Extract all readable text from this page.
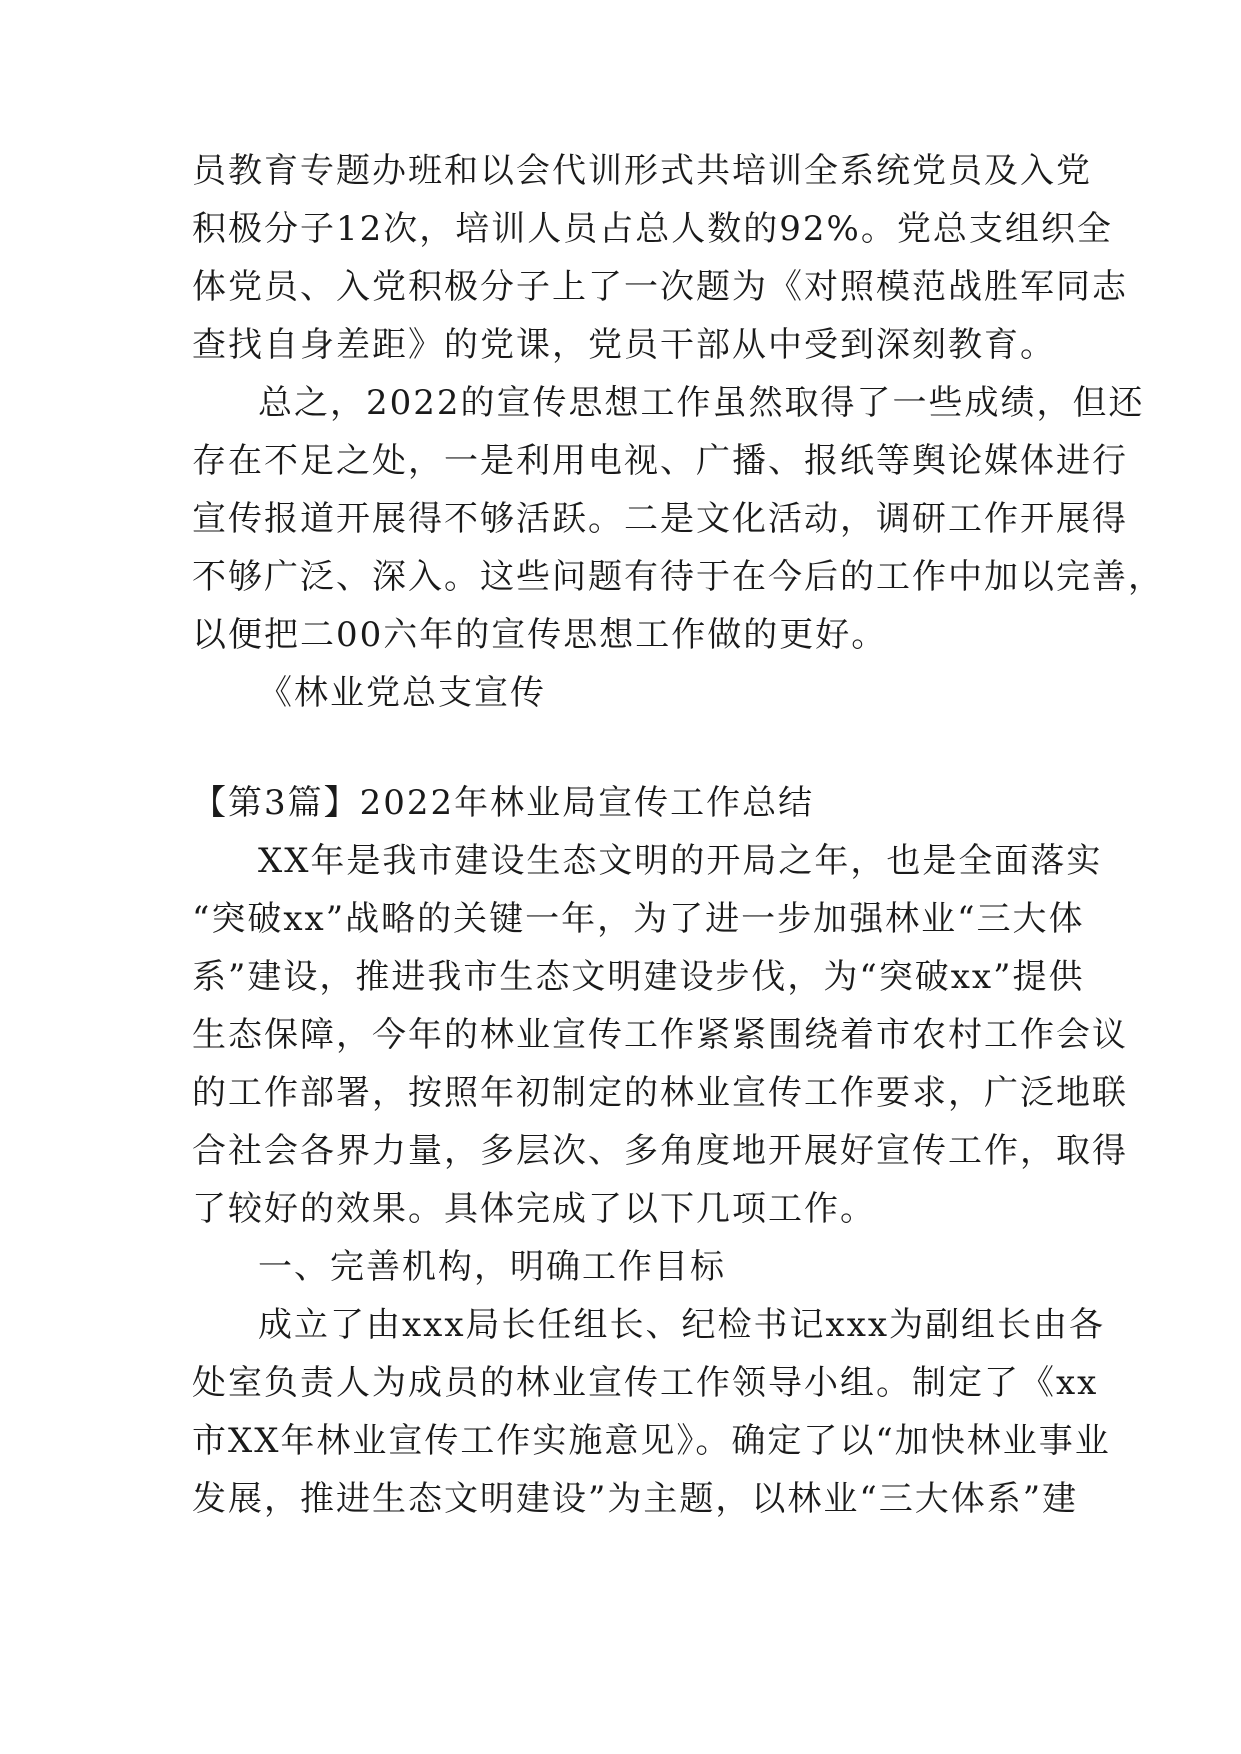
员教育专题办班和以会代训形式共培训全系统党员及入党
积极分子12次，培训人员占总人数的92%。党总支组织全
体党员、入党积极分子上了一次题为《对照模范战胜军同志
查找自身差距》的党课，党员干部从中受到深刻教育。
总之，2022的宣传思想工作虽然取得了一些成绩，但还
存在不足之处，一是利用电视、广播、报纸等舆论媒体进行
宣传报道开展得不够活跃。二是文化活动，调研工作开展得
不够广泛、深入。这些问题有待于在今后的工作中加以完善，
以便把二00六年的宣传思想工作做的更好。
《林业党总支宣传
【第3篇】2022年林业局宣传工作总结
XX年是我市建设生态文明的开局之年，也是全面落实
“突破xx”战略的关键一年，为了进一步加强林业“三大体
系”建设，推进我市生态文明建设步伐，为“突破xx”提供
生态保障，今年的林业宣传工作紧紧围绕着市农村工作会议
的工作部署，按照年初制定的林业宣传工作要求，广泛地联
合社会各界力量，多层次、多角度地开展好宣传工作，取得
了较好的效果。具体完成了以下几项工作。
一、完善机构，明确工作目标
成立了由xxx局长任组长、纪检书记xxx为副组长由各
处室负责人为成员的林业宣传工作领导小组。制定了《xx
市XX年林业宣传工作实施意见》。确定了以“加快林业事业
发展，推进生态文明建设”为主题，以林业“三大体系”建
